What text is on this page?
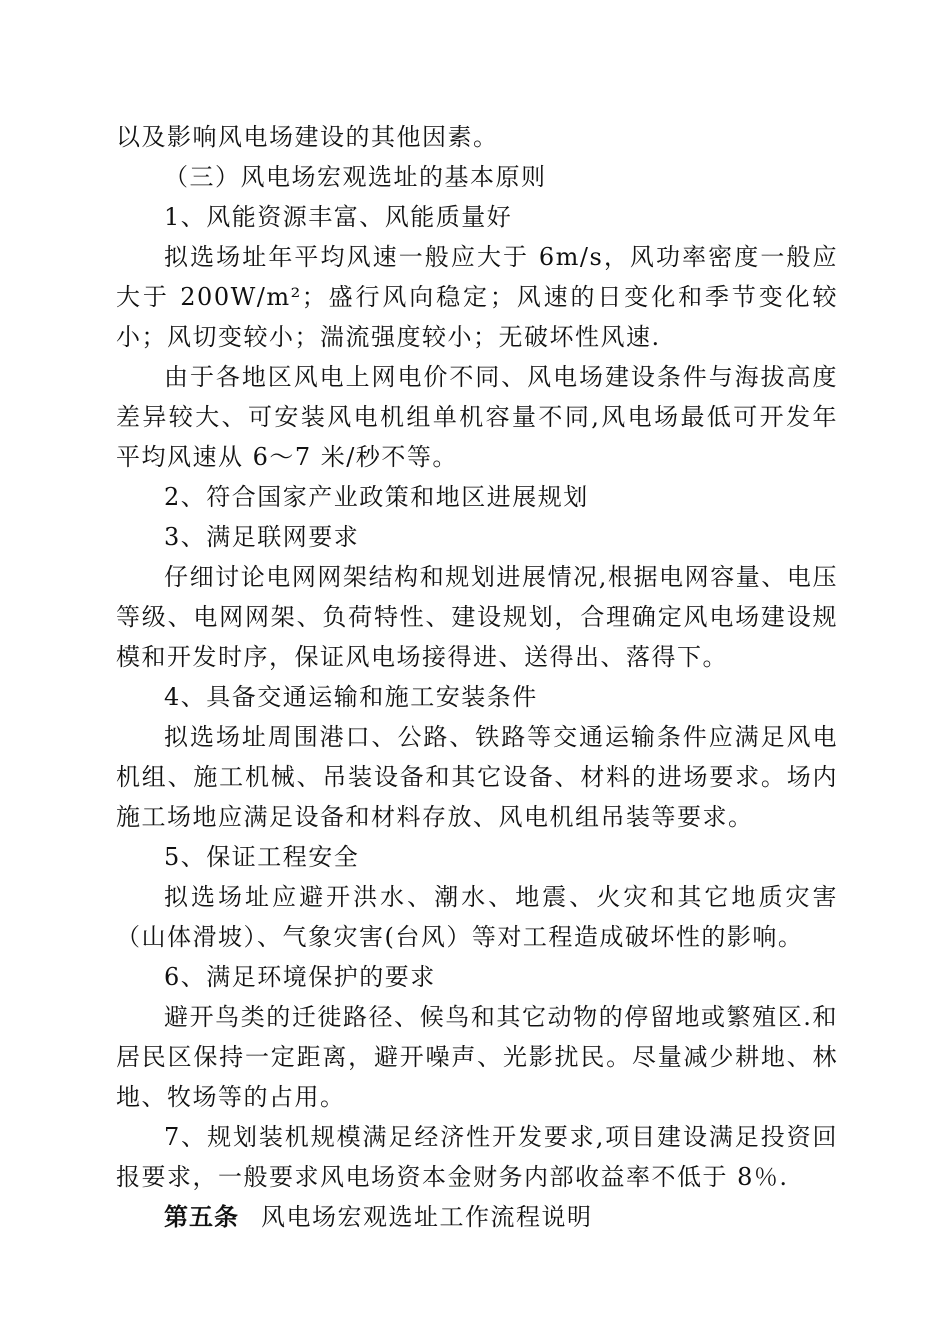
以及影响风电场建设的其他因素。

（三）风电场宏观选址的基本原则

1、风能资源丰富、风能质量好

拟选场址年平均风速一般应大于 6m/s，风功率密度一般应大于 200W/m²；盛行风向稳定；风速的日变化和季节变化较小；风切变较小；湍流强度较小；无破坏性风速.

由于各地区风电上网电价不同、风电场建设条件与海拔高度差异较大、可安装风电机组单机容量不同,风电场最低可开发年平均风速从 6～7 米/秒不等。

2、符合国家产业政策和地区进展规划

3、满足联网要求

仔细讨论电网网架结构和规划进展情况,根据电网容量、电压等级、电网网架、负荷特性、建设规划，合理确定风电场建设规模和开发时序，保证风电场接得进、送得出、落得下。

4、具备交通运输和施工安装条件

拟选场址周围港口、公路、铁路等交通运输条件应满足风电机组、施工机械、吊装设备和其它设备、材料的进场要求。场内施工场地应满足设备和材料存放、风电机组吊装等要求。

5、保证工程安全

拟选场址应避开洪水、潮水、地震、火灾和其它地质灾害（山体滑坡）、气象灾害(台风）等对工程造成破坏性的影响。

6、满足环境保护的要求

避开鸟类的迁徙路径、候鸟和其它动物的停留地或繁殖区.和居民区保持一定距离，避开噪声、光影扰民。尽量减少耕地、林地、牧场等的占用。

7、规划装机规模满足经济性开发要求,项目建设满足投资回报要求，一般要求风电场资本金财务内部收益率不低于 8％.

第五条 风电场宏观选址工作流程说明
